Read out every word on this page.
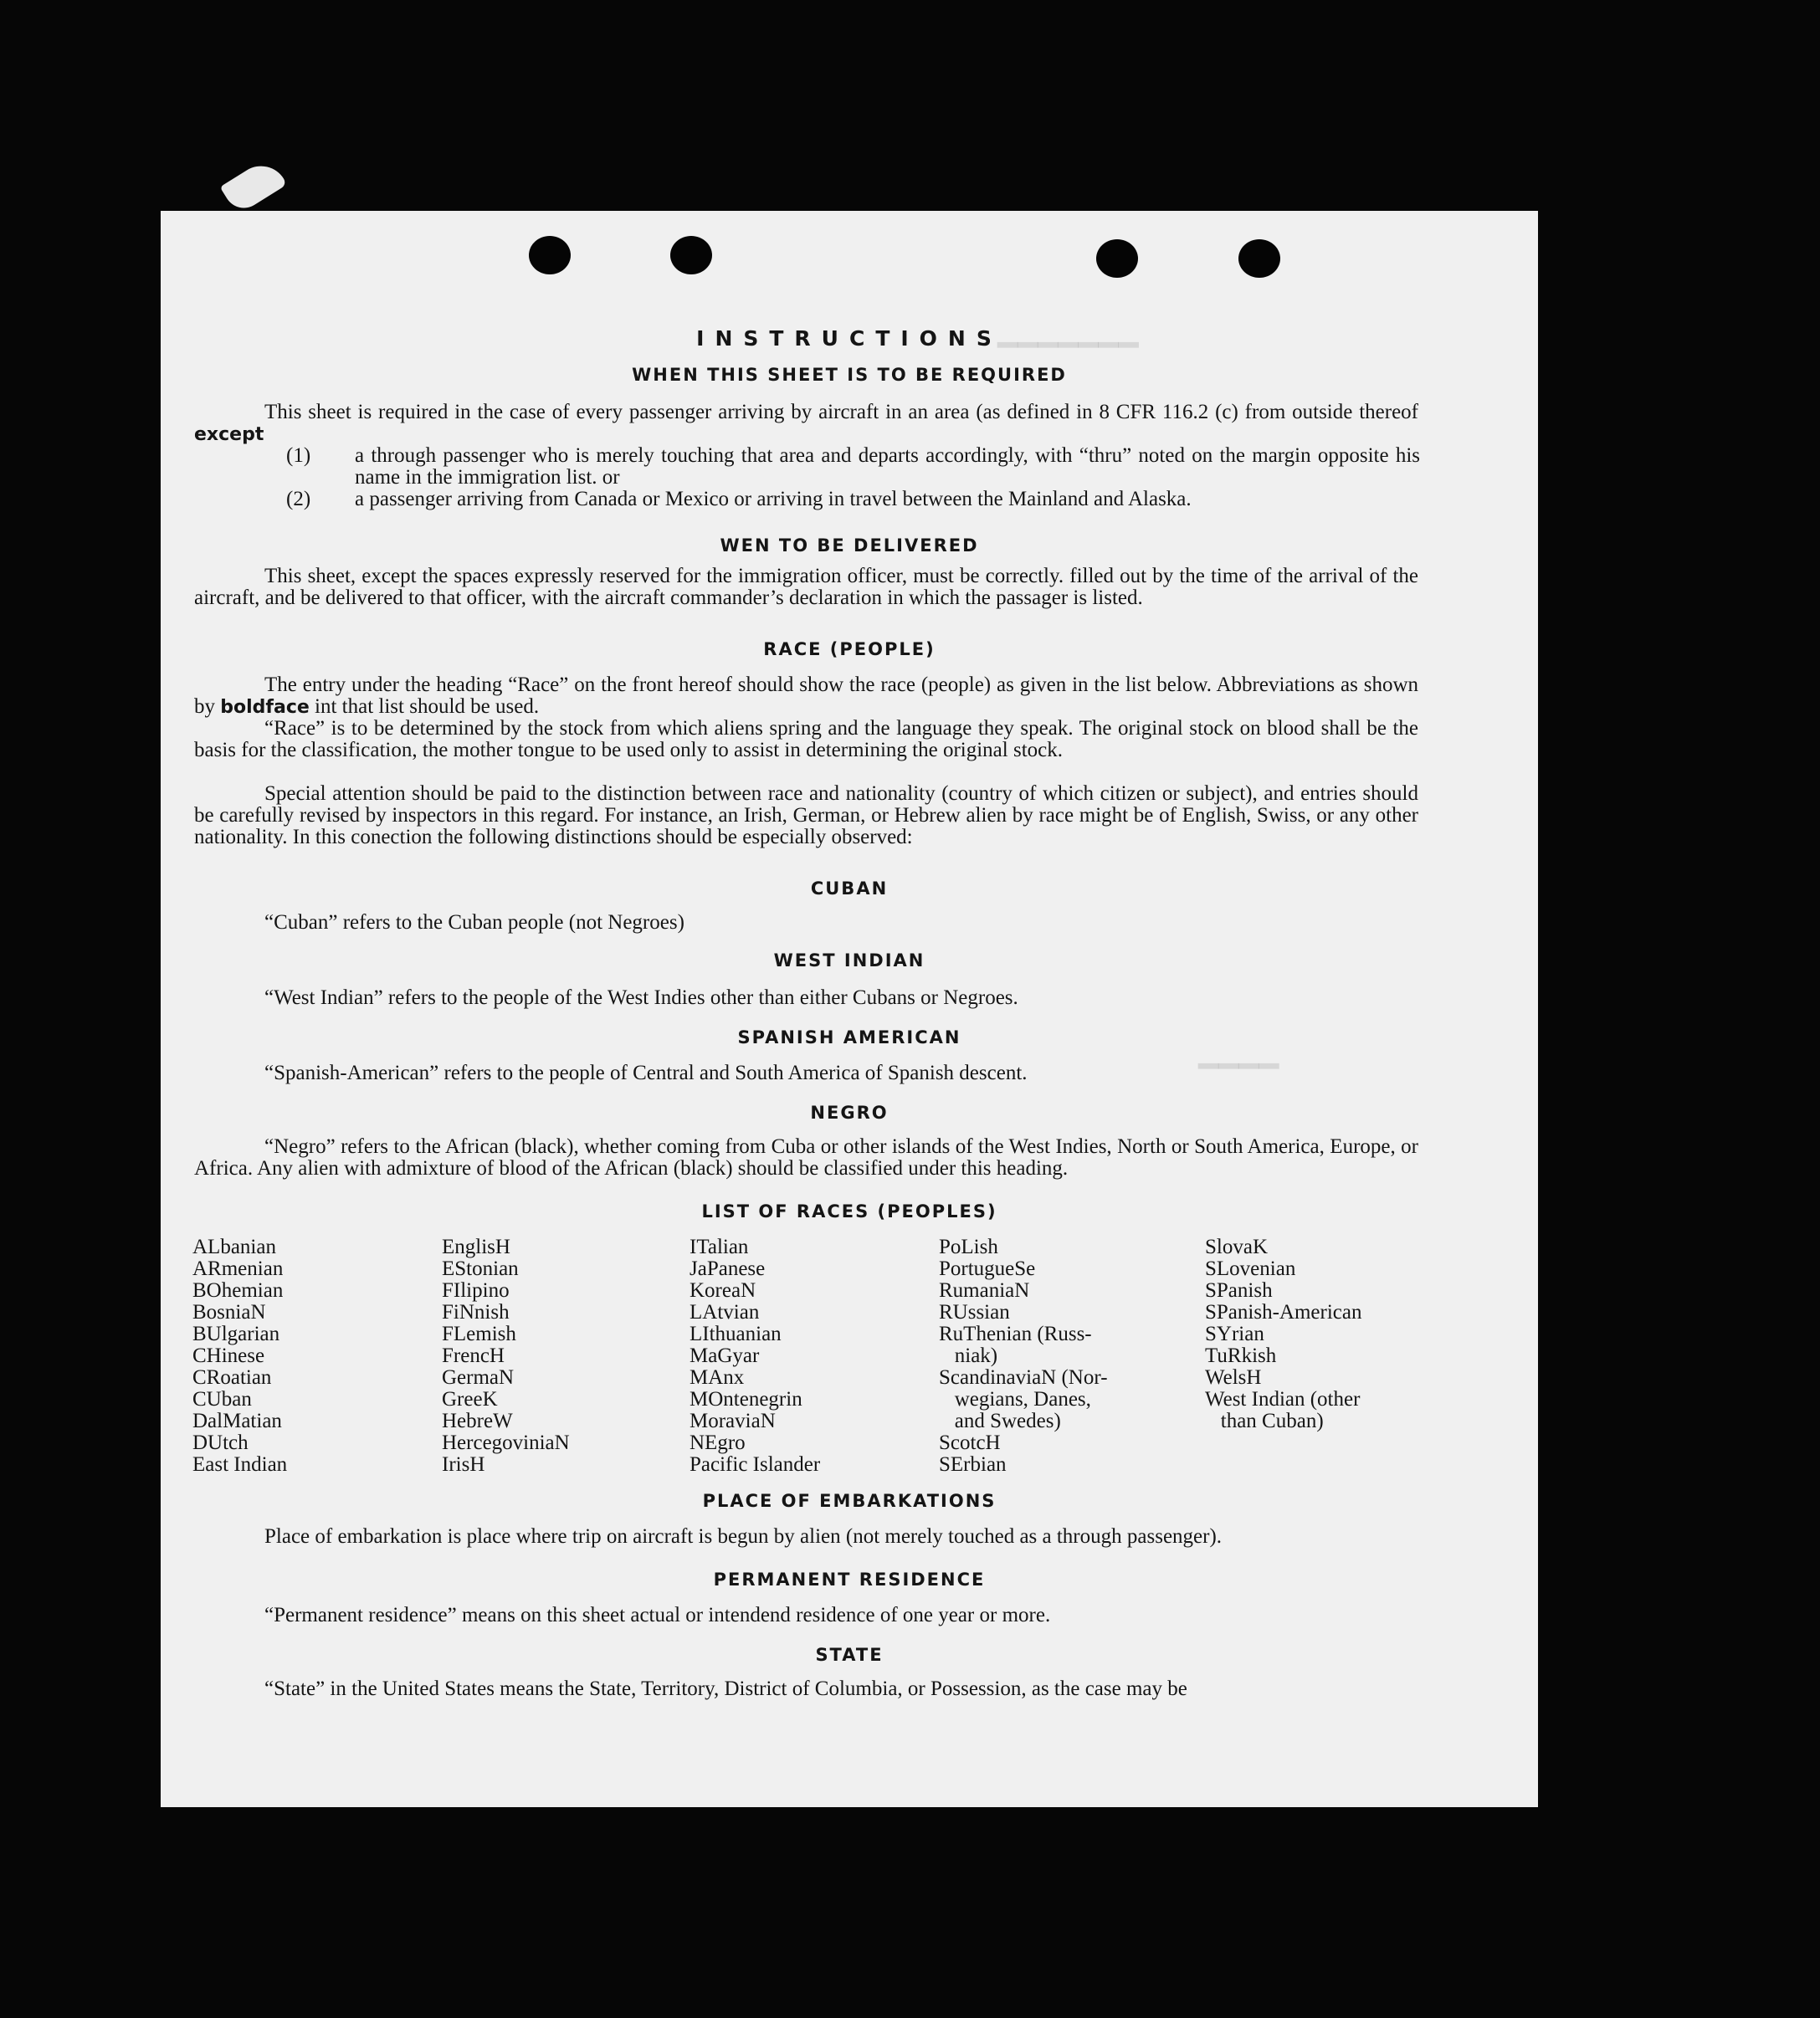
━━━━━━━
━━━━
INSTRUCTIONS
WHEN THIS SHEET IS TO BE REQUIRED
This sheet is required in the case of every passenger arriving by aircraft in an area (as defined in 8 CFR 116.2 (c) from outside thereof except
(1)	a through passenger who is merely touching that area and departs accordingly, with “thru” noted on the margin opposite his name in the immigration list. or
(2)	a passenger arriving from Canada or Mexico or arriving in travel between the Mainland and Alaska.
WEN TO BE DELIVERED
This sheet, except the spaces expressly reserved for the immigration officer, must be correctly. filled out by the time of the arrival of the aircraft, and be delivered to that officer, with the aircraft commander’s declaration in which the passager is listed.
RACE (PEOPLE)
The entry under the heading “Race” on the front hereof should show the race (people) as given in the list below. Abbreviations as shown by boldface int that list should be used.
“Race” is to be determined by the stock from which aliens spring and the language they speak. The original stock on blood shall be the basis for the classification, the mother tongue to be used only to assist in determining the original stock.
Special attention should be paid to the distinction between race and nationality (country of which citizen or subject), and entries should be carefully revised by inspectors in this regard. For instance, an Irish, German, or Hebrew alien by race might be of English, Swiss, or any other nationality. In this conection the following distinctions should be especially observed:
CUBAN
“Cuban” refers to the Cuban people (not Negroes)
WEST INDIAN
“West Indian” refers to the people of the West Indies other than either Cubans or Negroes.
SPANISH AMERICAN
“Spanish-American” refers to the people of Central and South America of Spanish descent.
NEGRO
“Negro” refers to the African (black), whether coming from Cuba or other islands of the West Indies, North or South America, Europe, or Africa. Any alien with admixture of blood of the African (black) should be classified under this heading.
LIST OF RACES (PEOPLES)
ALbanian
ARmenian
BOhemian
BosniaN
BUlgarian
CHinese
CRoatian
CUban
DalMatian
DUtch
East Indian
EnglisH
EStonian
FIlipino
FiNnish
FLemish
FrencH
GermaN
GreeK
HebreW
HercegoviniaN
IrisH
ITalian
JaPanese
KoreaN
LAtvian
LIthuanian
MaGyar
MAnx
MOntenegrin
MoraviaN
NEgro
Pacific Islander
PoLish
PortugueSe
RumaniaN
RUssian
RuThenian (Russ-
niak)
ScandinaviaN (Nor-
wegians, Danes,
and Swedes)
ScotcH
SErbian
SlovaK
SLovenian
SPanish
SPanish-American
SYrian
TuRkish
WelsH
West Indian (other
than Cuban)
PLACE OF EMBARKATIONS
Place of embarkation is place where trip on aircraft is begun by alien (not merely touched as a through passenger).
PERMANENT RESIDENCE
“Permanent residence” means on this sheet actual or intendend residence of one year or more.
STATE
“State” in the United States means the State, Territory, District of Columbia, or Possession, as the case may be
